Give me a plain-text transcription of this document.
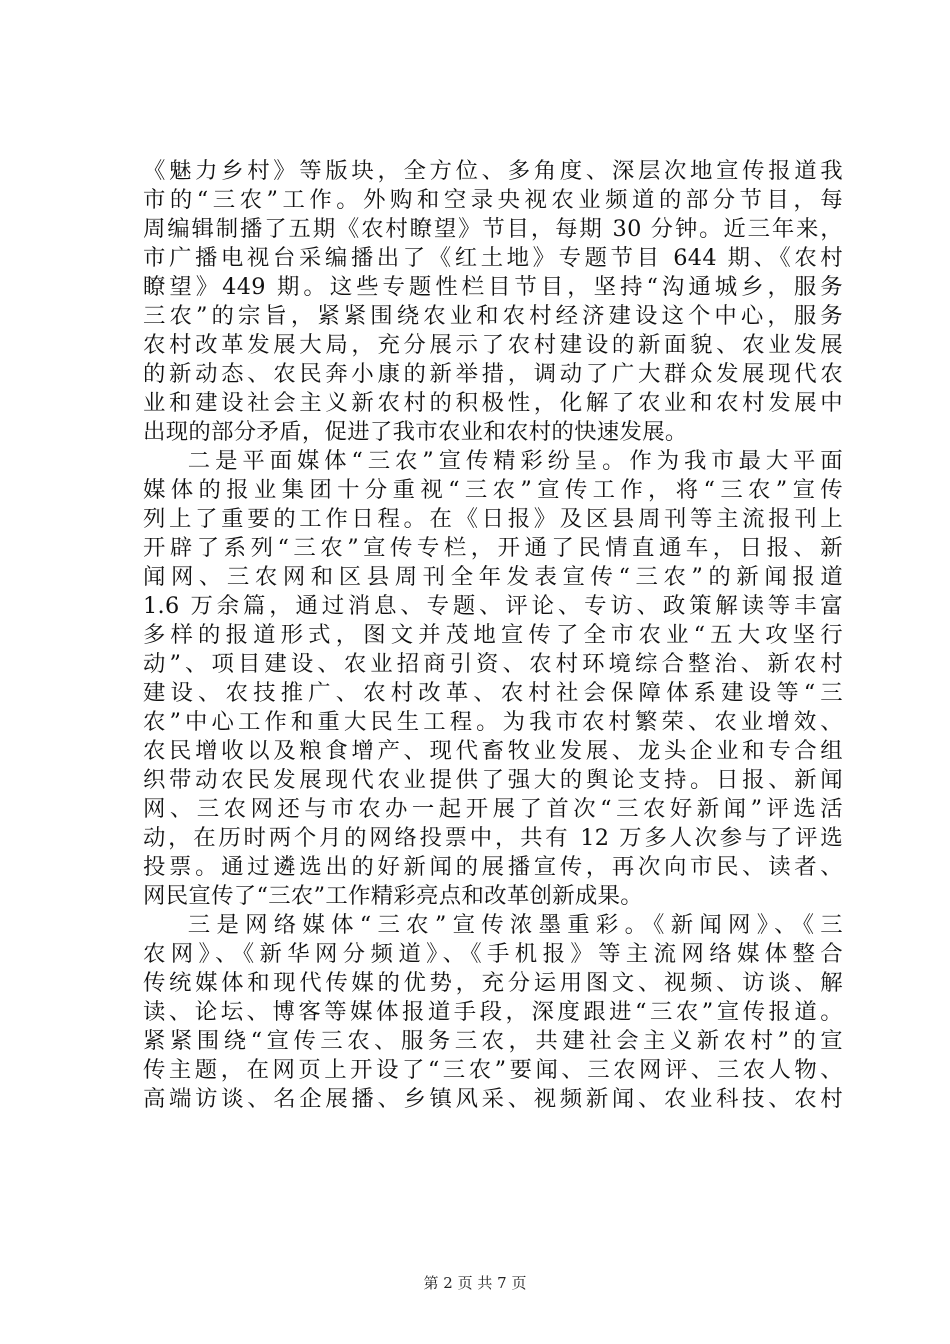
《魅力乡村》等版块，全方位、多角度、深层次地宣传报道我
市的“三农”工作。外购和空录央视农业频道的部分节目，每
周编辑制播了五期《农村瞭望》节目，每期 30 分钟。近三年来，
市广播电视台采编播出了《红土地》专题节目 644 期、《农村
瞭望》449 期。这些专题性栏目节目，坚持“沟通城乡，服务
三农”的宗旨，紧紧围绕农业和农村经济建设这个中心，服务
农村改革发展大局，充分展示了农村建设的新面貌、农业发展
的新动态、农民奔小康的新举措，调动了广大群众发展现代农
业和建设社会主义新农村的积极性，化解了农业和农村发展中
出现的部分矛盾，促进了我市农业和农村的快速发展。

二是平面媒体“三农”宣传精彩纷呈。作为我市最大平面
媒体的报业集团十分重视“三农”宣传工作，将“三农”宣传
列上了重要的工作日程。在《日报》及区县周刊等主流报刊上
开辟了系列“三农”宣传专栏，开通了民情直通车，日报、新
闻网、三农网和区县周刊全年发表宣传“三农”的新闻报道
1.6 万余篇，通过消息、专题、评论、专访、政策解读等丰富
多样的报道形式，图文并茂地宣传了全市农业“五大攻坚行
动”、项目建设、农业招商引资、农村环境综合整治、新农村
建设、农技推广、农村改革、农村社会保障体系建设等“三
农”中心工作和重大民生工程。为我市农村繁荣、农业增效、
农民增收以及粮食增产、现代畜牧业发展、龙头企业和专合组
织带动农民发展现代农业提供了强大的舆论支持。日报、新闻
网、三农网还与市农办一起开展了首次“三农好新闻”评选活
动，在历时两个月的网络投票中，共有 12 万多人次参与了评选
投票。通过遴选出的好新闻的展播宣传，再次向市民、读者、
网民宣传了“三农”工作精彩亮点和改革创新成果。

三是网络媒体“三农”宣传浓墨重彩。《新闻网》、《三
农网》、《新华网分频道》、《手机报》等主流网络媒体整合
传统媒体和现代传媒的优势，充分运用图文、视频、访谈、解
读、论坛、博客等媒体报道手段，深度跟进“三农”宣传报道。
紧紧围绕“宣传三农、服务三农，共建社会主义新农村”的宣
传主题，在网页上开设了“三农”要闻、三农网评、三农人物、
高端访谈、名企展播、乡镇风采、视频新闻、农业科技、农村

第 2 页 共 7 页
